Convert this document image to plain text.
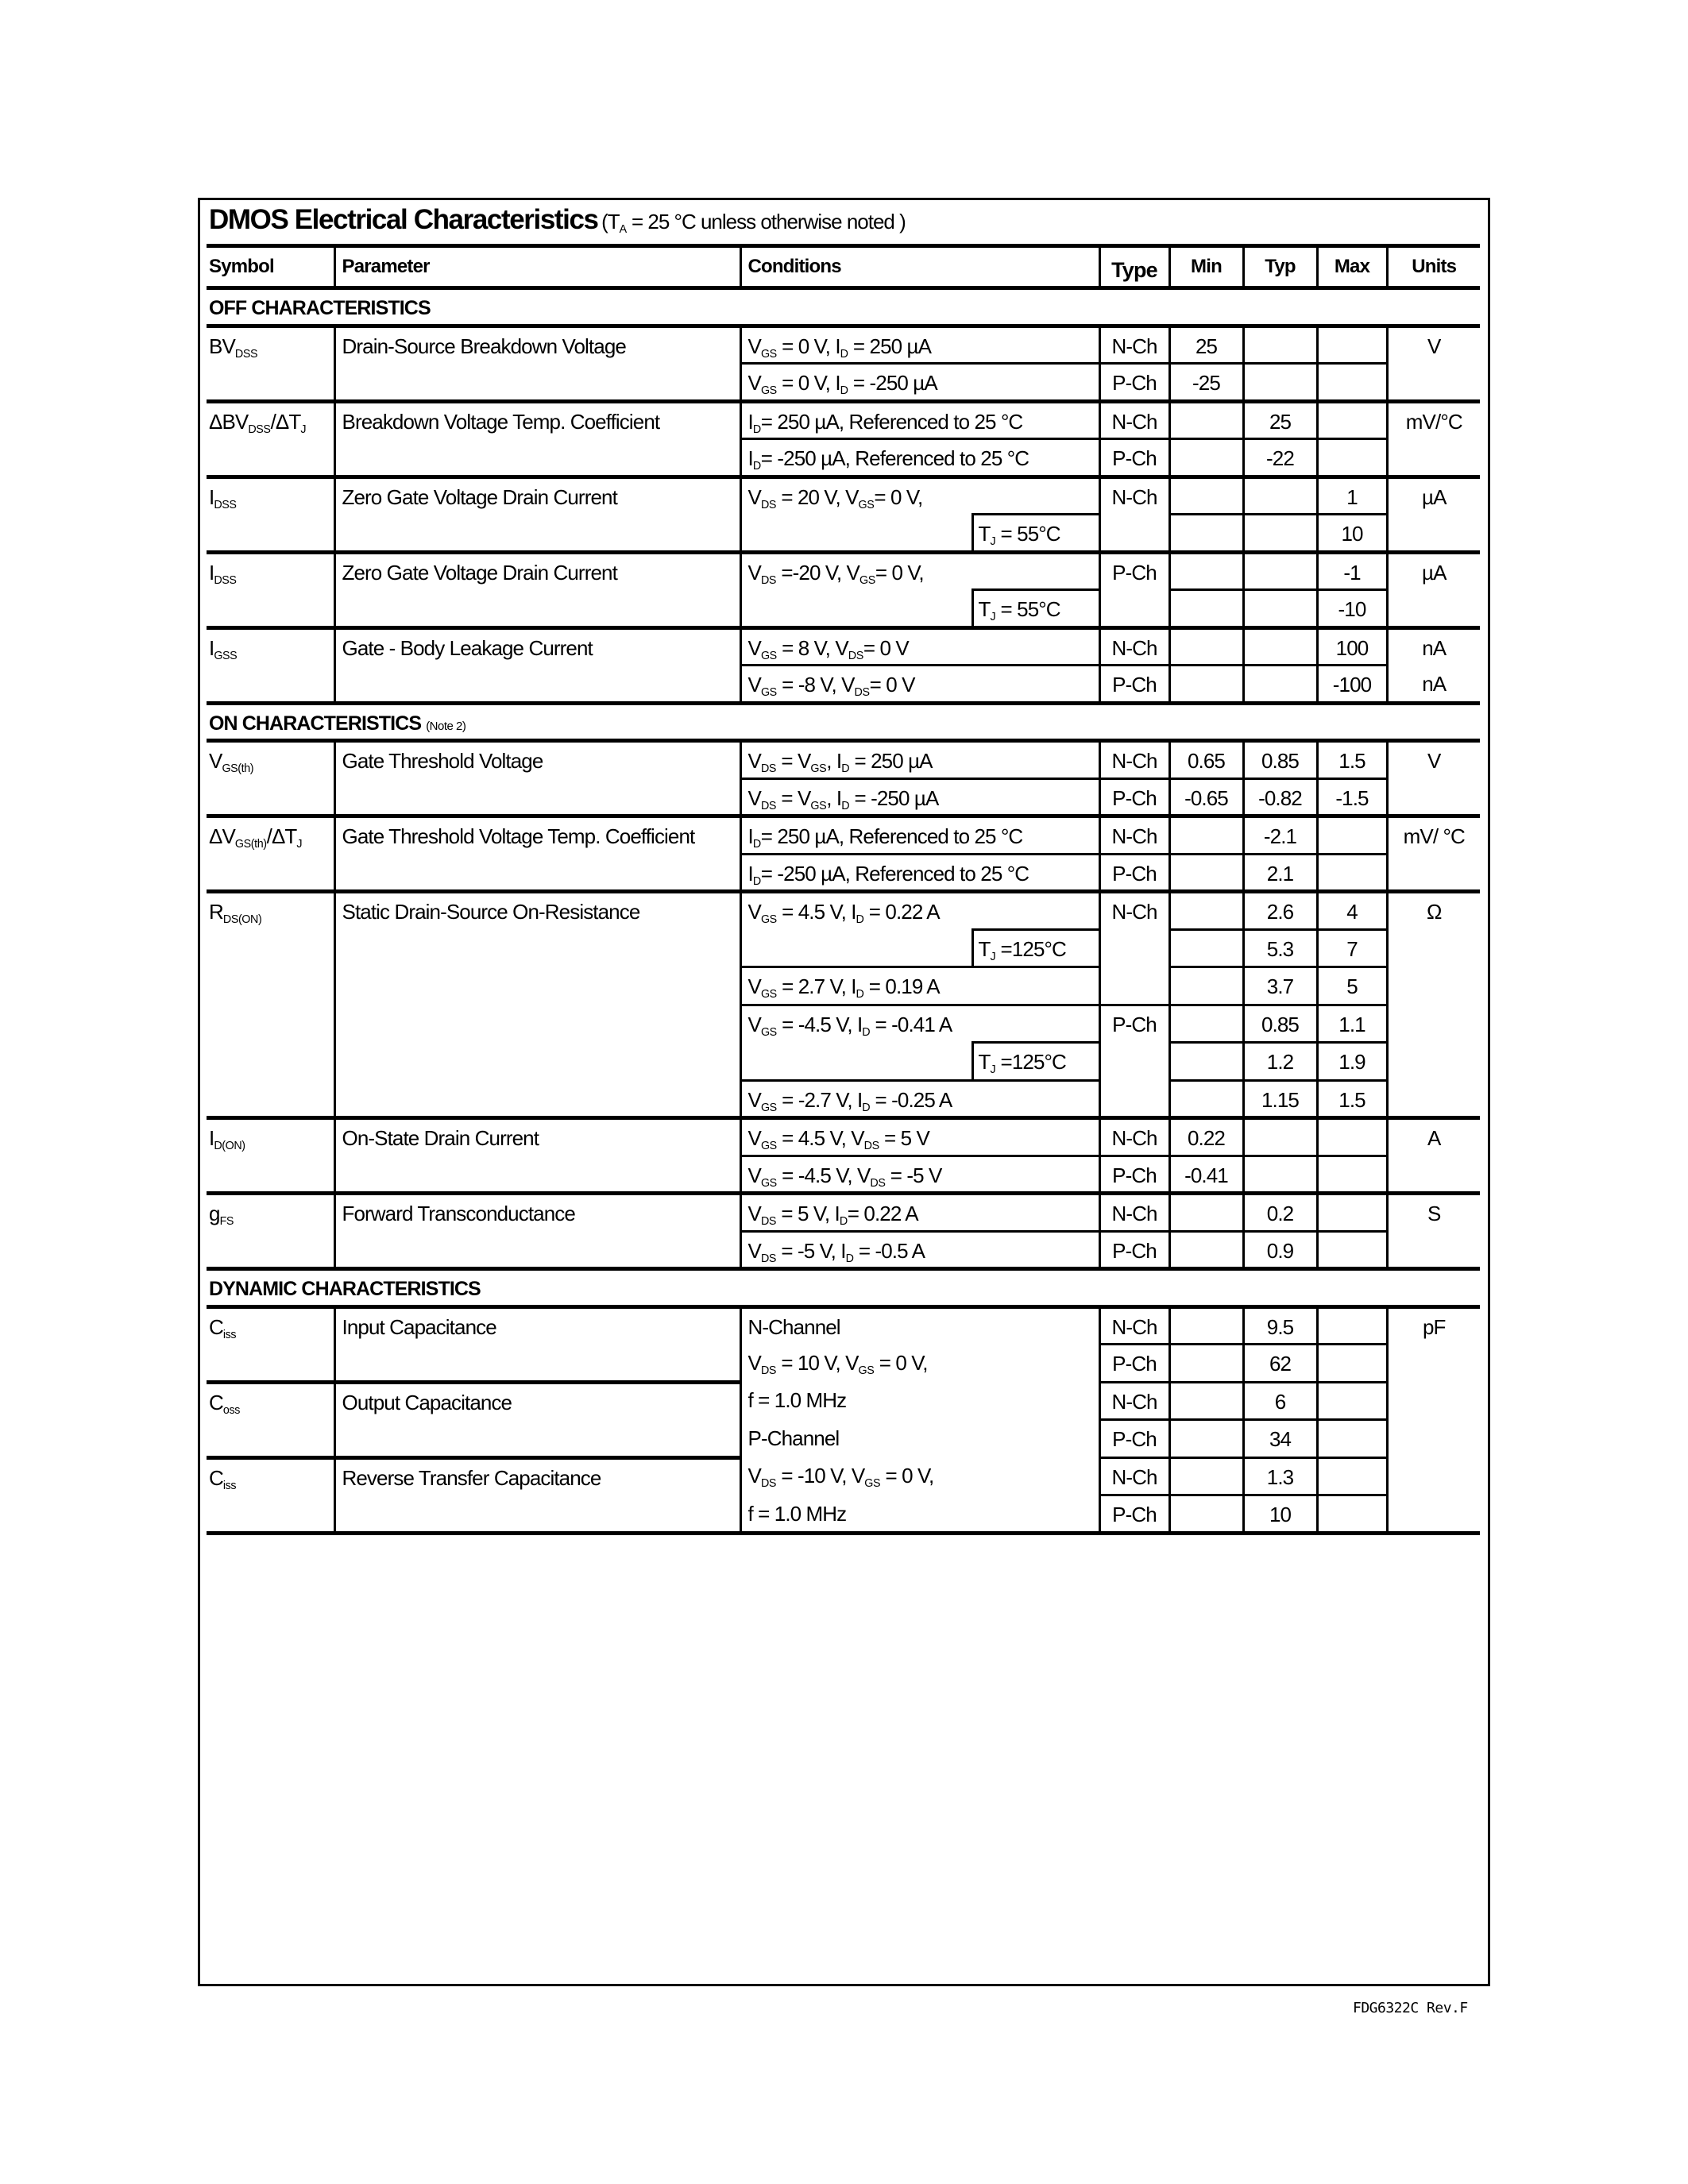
DMOS Electrical Characteristics ($T_A = 25$ °C unless otherwise noted )
Symbol	Parameter	Conditions		Type	Min	Typ	Max	Units
OFF CHARACTERISTICS								
$BV_{DSS}$	Drain-Source Breakdown Voltage	$V_{GS} = 0$ V, $I_D = 250$ µA		N-Ch	25			V
		$V_{GS} = 0$ V, $I_D = -250$ µA		P-Ch	-25			
$\Delta BV_{DSS}/\Delta T_J$	Breakdown Voltage Temp. Coefficient	$I_D= 250$ µA, Referenced to 25 °C		N-Ch		25		mV/°C
		$I_D= -250$ µA, Referenced to 25 °C		P-Ch		-22		
$I_{DSS}$	Zero Gate Voltage Drain Current	$V_{DS} = 20$ V, $V_{GS}= 0$ V,		N-Ch			1	µA
			$T_J = 55^\circ C$				10	
$I_{DSS}$	Zero Gate Voltage Drain Current	$V_{DS} =-20$ V, $V_{GS}= 0$ V,		P-Ch			-1	µA
			$T_J = 55^\circ C$				-10	
$I_{GSS}$	Gate - Body Leakage Current	$V_{GS} = 8$ V, $V_{DS}= 0$ V		N-Ch			100	nA
		$V_{GS} = -8$ V, $V_{DS}= 0$ V		P-Ch			-100	nA
ON CHARACTERISTICS (Note 2)								
$V_{GS(th)}$	Gate Threshold Voltage	$V_{DS} = V_{GS}$, $I_D = 250$ µA		N-Ch	0.65	0.85	1.5	V
		$V_{DS} = V_{GS}$, $I_D = -250$ µA		P-Ch	-0.65	-0.82	-1.5	
$\Delta V_{GS(th)}/\Delta T_J$	Gate Threshold Voltage Temp. Coefficient	$I_D= 250$ µA, Referenced to 25 °C		N-Ch		-2.1		mV/ °C
		$I_D= -250$ µA, Referenced to 25 °C		P-Ch		2.1		
$R_{DS(ON)}$	Static Drain-Source On-Resistance	$V_{GS} = 4.5$ V, $I_D = 0.22$ A		N-Ch		2.6	4	Ω
			$T_J =125^\circ C$			5.3	7	
		$V_{GS} = 2.7$ V, $I_D = 0.19$ A				3.7	5	
		$V_{GS} = -4.5$ V, $I_D = -0.41$ A		P-Ch		0.85	1.1	
			$T_J =125^\circ C$			1.2	1.9	
		$V_{GS} = -2.7$ V, $I_D = -0.25$ A				1.15	1.5	
$I_{D(ON)}$	On-State Drain Current	$V_{GS} = 4.5$ V, $V_{DS} = 5$ V		N-Ch	0.22			A
		$V_{GS} = -4.5$ V, $V_{DS} = -5$ V		P-Ch	-0.41			
$g_{FS}$	Forward Transconductance	$V_{DS} = 5$ V, $I_D= 0.22$ A		N-Ch		0.2		S
		$V_{DS} = -5$ V, $I_D = -0.5$ A		P-Ch		0.9		
DYNAMIC CHARACTERISTICS								
$C_{iss}$	Input Capacitance	N-Channel		N-Ch		9.5		pF
		$V_{DS} = 10$ V, $V_{GS} = 0$ V,		P-Ch		62		
$C_{oss}$	Output Capacitance	f = 1.0 MHz		N-Ch		6		
		P-Channel		P-Ch		34		
$C_{iss}$	Reverse Transfer Capacitance	$V_{DS} = -10$ V, $V_{GS} = 0$ V,		N-Ch		1.3		
		f = 1.0 MHz		P-Ch		10		
FDG6322C Rev.F
